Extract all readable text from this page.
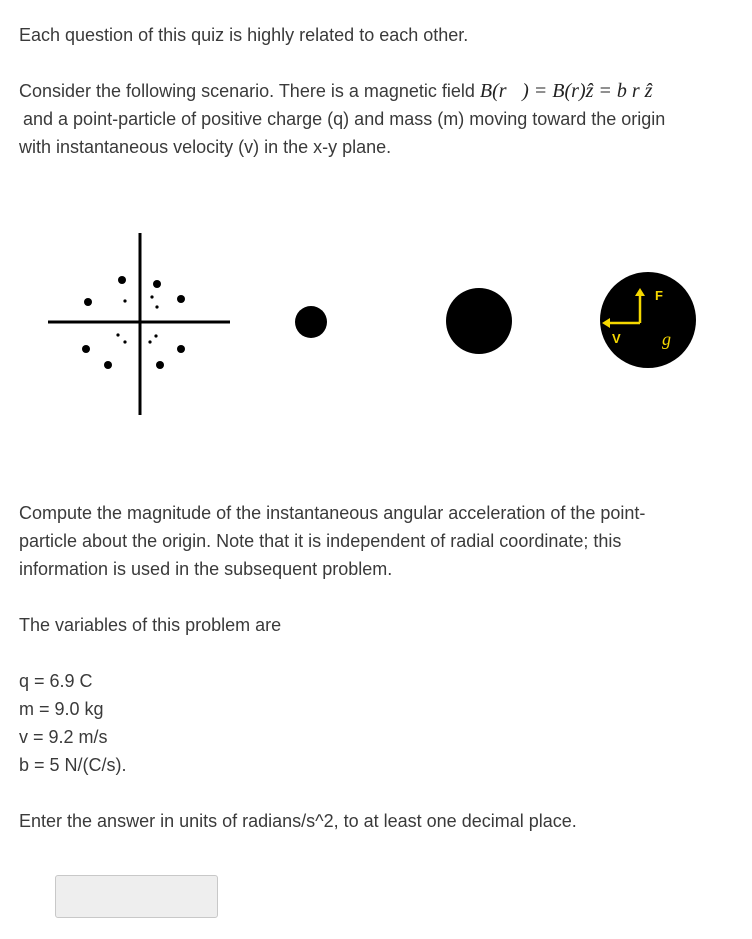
Each question of this quiz is highly related to each other.

Consider the following scenario. There is a magnetic field B(r⃗) = B(r)ẑ = b r ẑ

and a point-particle of positive charge (q) and mass (m) moving toward the origin

with instantaneous velocity (v) in the x-y plane.

F
V g

Compute the magnitude of the instantaneous angular acceleration of the point-

particle about the origin. Note that it is independent of radial coordinate; this

information is used in the subsequent problem.

The variables of this problem are

q = 6.9 C
m = 9.0 kg
v = 9.2 m/s
b = 5 N/(C/s).

Enter the answer in units of radians/s^2, to at least one decimal place.
